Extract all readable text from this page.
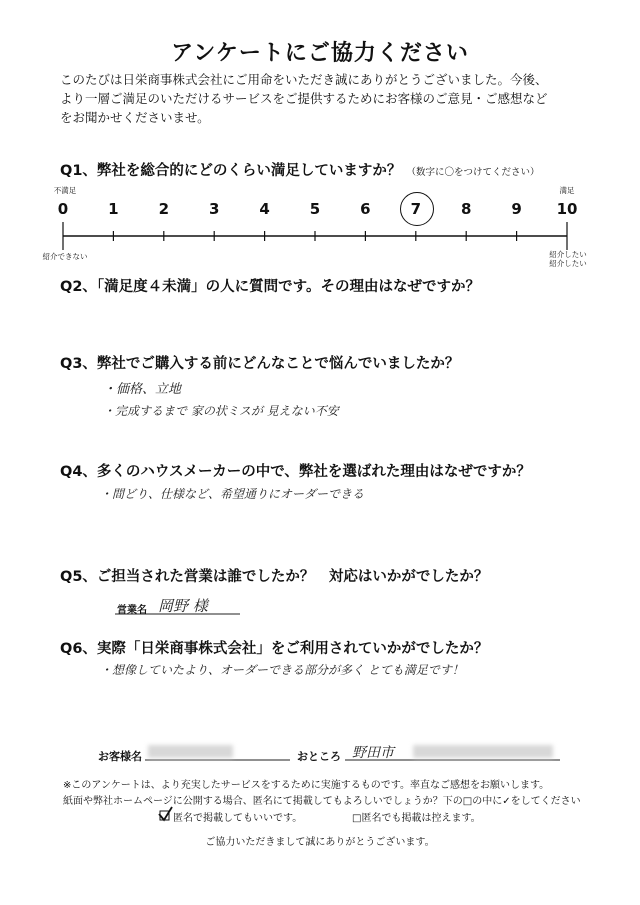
アンケートにご協力ください
このたびは日栄商事株式会社にご用命をいただき誠にありがとうございました。今後、
より一層ご満足のいただけるサービスをご提供するためにお客様のご意見・ご感想など
をお聞かせくださいませ。
Q1、弊社を総合的にどのくらい満足していますか？ （数字に〇をつけてください）
不満足	満足
0	1	2	3	4	5	6	7	8	9 10
紹介できない	紹介したい
紹介したい
Q2、「満足度４未満」の人に質問です。その理由はなぜですか？
Q3、弊社でご購入する前にどんなことで悩んでいましたか？
・価格、立地
・完成するまで 家の状ミスが 見えない不安
Q4、多くのハウスメーカーの中で、弊社を選ばれた理由はなぜですか？
・間どり、仕様など、希望通りにオーダーできる
Q5、ご担当された営業は誰でしたか？　対応はいかがでしたか？
営業名 岡野 様
Q6、実際「日栄商事株式会社」をご利用されていかがでしたか？
・想像していたより、オーダーできる部分が多く とても満足です！
お客様名	おところ 野田市
※このアンケートは、より充実したサービスをするために実施するものです。率直なご感想をお願いします。
紙面や弊社ホームページに公開する場合、匿名にて掲載してもよろしいでしょうか？下の□の中に✓をしてください
匿名で掲載してもいいです。	□匿名でも掲載は控えます。
ご協力いただきまして誠にありがとうございます。
